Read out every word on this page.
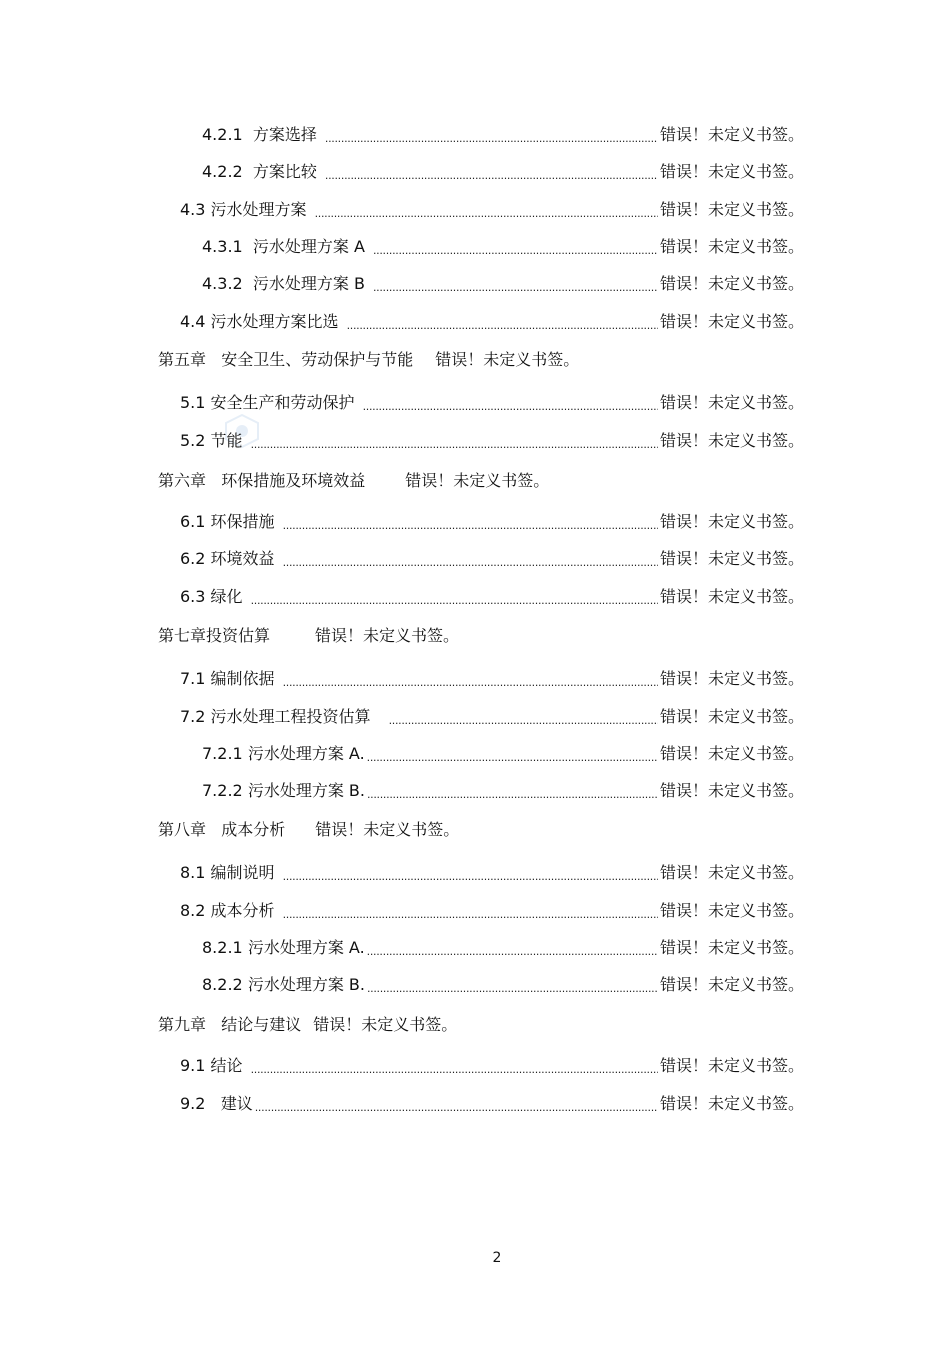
4.2.1 方案选择 . . .	错误！未定义书签。
4.2.2 方案比较 . . .	错误！未定义书签。
4.3 污水处理方案 . . .	错误！未定义书签。
4.3.1 污水处理方案 A . . .	错误！未定义书签。
4.3.2 污水处理方案 B . . .	错误！未定义书签。
4.4 污水处理方案比选 . . .	错误！未定义书签。
第五章 安全卫生、劳动保护与节能 错误！未定义书签。
5.1 安全生产和劳动保护 . . .	错误！未定义书签。
5.2 节能 . . .	错误！未定义书签。
第六章 环保措施及环境效益	错误！未定义书签。
6.1 环保措施 . . .	错误！未定义书签。
6.2 环境效益 . . .	错误！未定义书签。
6.3 绿化 . . .	错误！未定义书签。
第七章投资估算	错误！未定义书签。
7.1 编制依据 . . .	错误！未定义书签。
7.2 污水处理工程投资估算 . . .	错误！未定义书签。
7.2.1 污水处理方案 A. . . .	错误！未定义书签。
7.2.2 污水处理方案 B. . . .	错误！未定义书签。
第八章 成本分析 错误！未定义书签。
8.1 编制说明 . . .	错误！未定义书签。
8.2 成本分析 . . .	错误！未定义书签。
8.2.1 污水处理方案 A. . . .	错误！未定义书签。
8.2.2 污水处理方案 B. . . .	错误！未定义书签。
第九章 结论与建议 错误！未定义书签。
9.1 结论 . . .	错误！未定义书签。
9.2 建议 . . .	错误！未定义书签。
2
